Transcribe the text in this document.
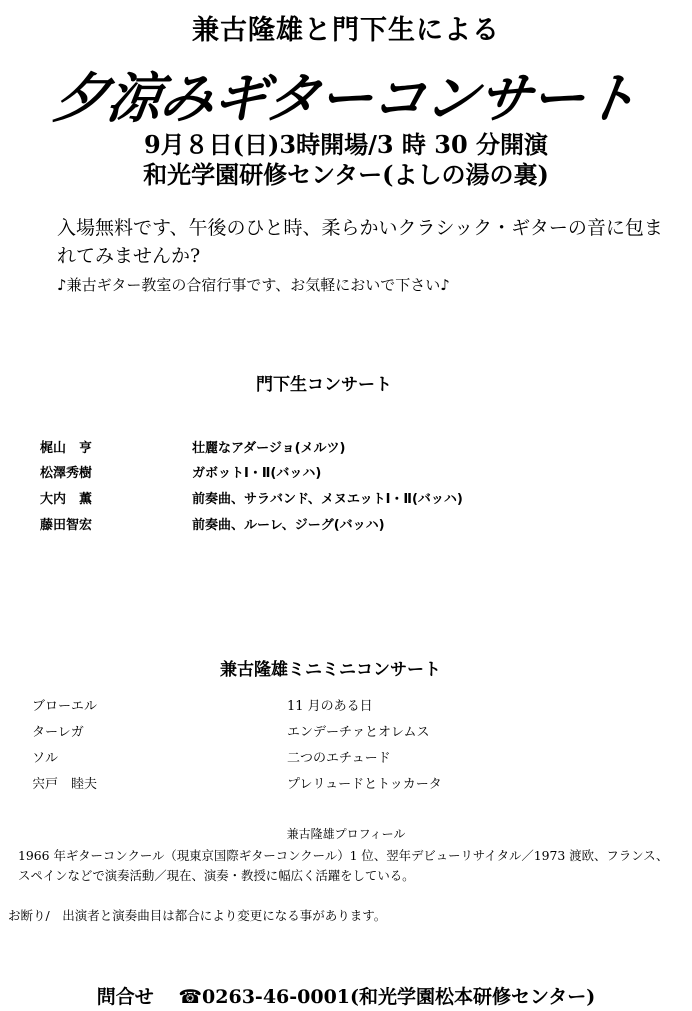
兼古隆雄と門下生による
夕涼みギターコンサート
9月８日(日)3時開場/3 時 30 分開演
和光学園研修センター(よしの湯の裏)
入場無料です、午後のひと時、柔らかいクラシック・ギターの音に包まれてみませんか?
♪兼古ギター教室の合宿行事です、お気軽においで下さい♪
門下生コンサート
梶山　亨	壮麗なアダージョ(メルツ)
松澤秀樹	ガボットⅠ・Ⅱ(バッハ)
大内　薫	前奏曲、サラバンド、メヌエットⅠ・Ⅱ(バッハ)
藤田智宏	前奏曲、ルーレ、ジーグ(バッハ)
兼古隆雄ミニミニコンサート
ブローエル	11 月のある日
ターレガ	エンデーチァとオレムス
ソル	二つのエチュード
宍戸　睦夫	プレリュードとトッカータ
兼古隆雄プロフィール
1966 年ギターコンクール（現東京国際ギターコンクール）1 位、翌年デビューリサイタル／1973 渡欧、フランス、スペインなどで演奏活動／現在、演奏・教授に幅広く活躍をしている。
お断り/　出演者と演奏曲目は都合により変更になる事があります。
問合せ ☎0263-46-0001(和光学園松本研修センター)
